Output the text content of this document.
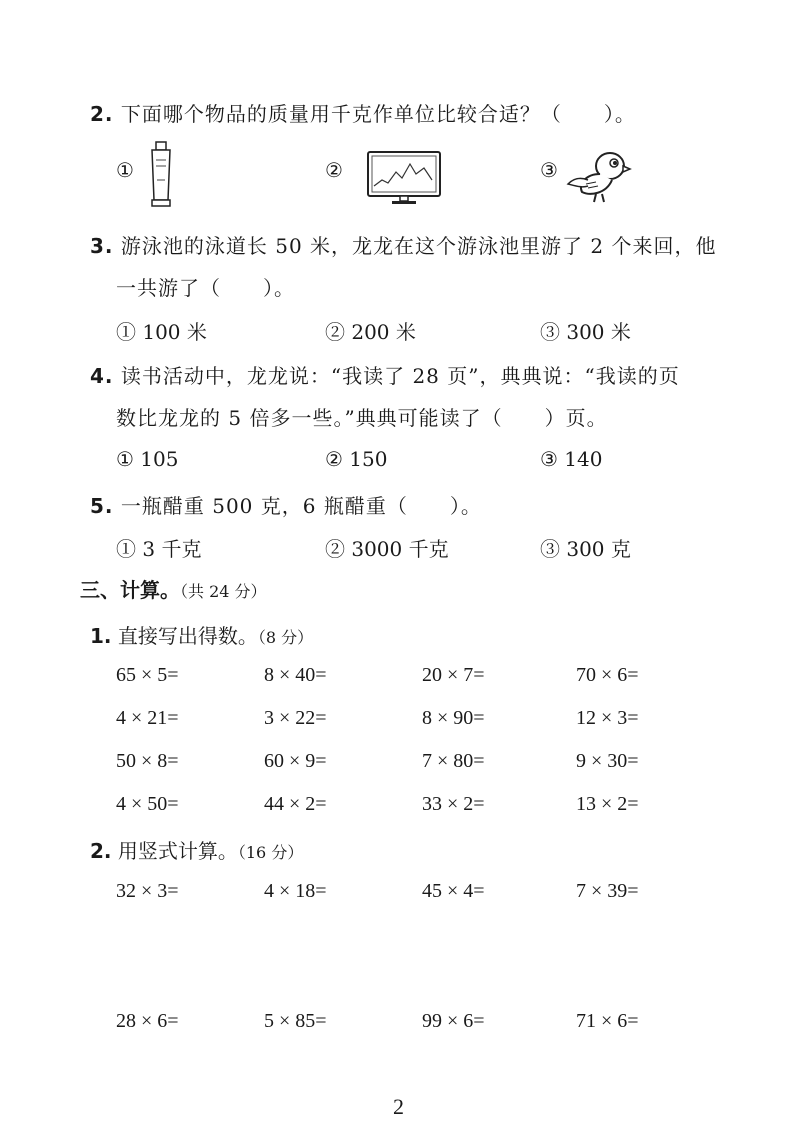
2. 下面哪个物品的质量用千克作单位比较合适？（　　）。
①	②	③
3. 游泳池的泳道长 50 米，龙龙在这个游泳池里游了 2 个来回，他
一共游了（　　）。
① 100 米	② 200 米	③ 300 米
4. 读书活动中，龙龙说：“我读了 28 页”，典典说：“我读的页
数比龙龙的 5 倍多一些。”典典可能读了（　　）页。
① 105	② 150	③ 140
5. 一瓶醋重 500 克，6 瓶醋重（　　）。
① 3 千克	② 3000 千克	③ 300 克
三、计算。（共 24 分）
1. 直接写出得数。（8 分）
65 × 5=	8 × 40=	20 × 7=	70 × 6=
4 × 21=	3 × 22=	8 × 90=	12 × 3=
50 × 8=	60 × 9=	7 × 80=	9 × 30=
4 × 50=	44 × 2=	33 × 2=	13 × 2=
2. 用竖式计算。（16 分）
32 × 3=	4 × 18=	45 × 4=	7 × 39=
28 × 6=	5 × 85=	99 × 6=	71 × 6=
2
